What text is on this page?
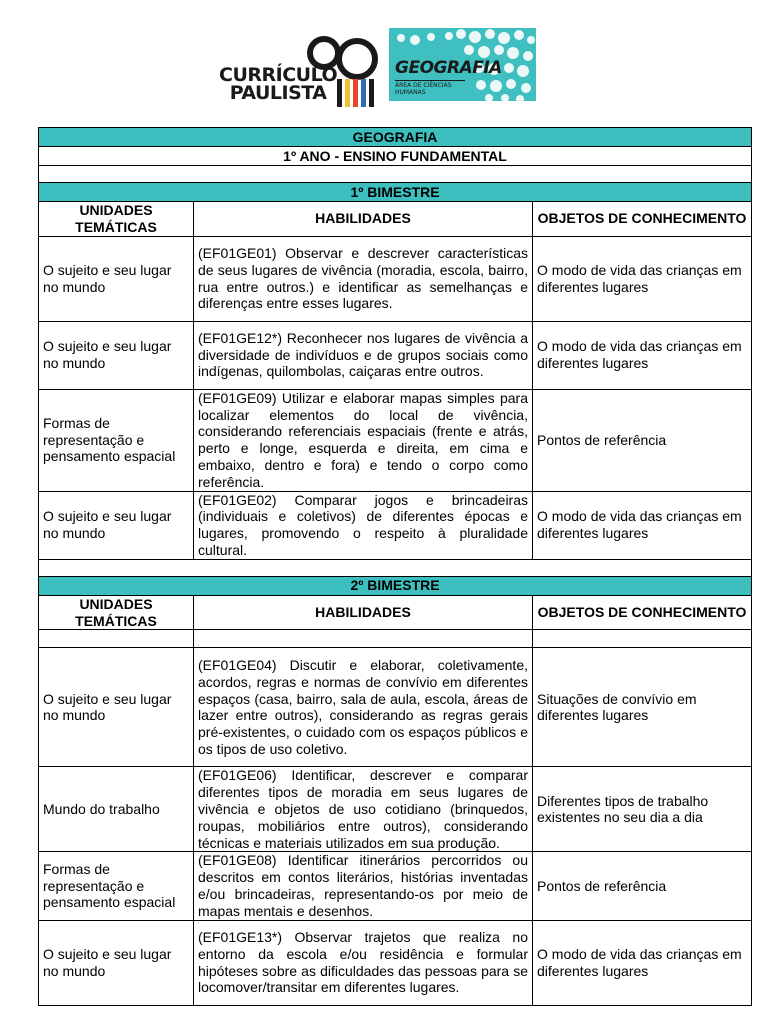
CURRÍCULO
PAULISTA
GEOGRAFIA
ÁREA DE CIÊNCIAS
HUMANAS
GEOGRAFIA		
1º ANO - ENSINO FUNDAMENTAL		

1º BIMESTRE		
UNIDADES TEMÁTICAS	HABILIDADES	OBJETOS DE CONHECIMENTO
O sujeito e seu lugar no mundo	(EF01GE01) Observar e descrever características de seus lugares de vivência (moradia, escola, bairro, rua entre outros.) e identificar as semelhanças e diferenças entre esses lugares.	O modo de vida das crianças em diferentes lugares
O sujeito e seu lugar no mundo	(EF01GE12*) Reconhecer nos lugares de vivência a diversidade de indivíduos e de grupos sociais como indígenas, quilombolas, caiçaras entre outros.	O modo de vida das crianças em diferentes lugares
Formas de representação e pensamento espacial	(EF01GE09) Utilizar e elaborar mapas simples para localizar elementos do local de vivência, considerando referenciais espaciais (frente e atrás, perto e longe, esquerda e direita, em cima e embaixo, dentro e fora) e tendo o corpo como referência.	Pontos de referência
O sujeito e seu lugar no mundo	(EF01GE02) Comparar jogos e brincadeiras (individuais e coletivos) de diferentes épocas e lugares, promovendo o respeito à pluralidade cultural.	O modo de vida das crianças em diferentes lugares

2º BIMESTRE		
UNIDADES TEMÁTICAS	HABILIDADES	OBJETOS DE CONHECIMENTO

O sujeito e seu lugar no mundo	(EF01GE04) Discutir e elaborar, coletivamente, acordos, regras e normas de convívio em diferentes espaços (casa, bairro, sala de aula, escola, áreas de lazer entre outros), considerando as regras gerais pré-existentes, o cuidado com os espaços públicos e os tipos de uso coletivo.	Situações de convívio em diferentes lugares
Mundo do trabalho	(EF01GE06) Identificar, descrever e comparar diferentes tipos de moradia em seus lugares de vivência e objetos de uso cotidiano (brinquedos, roupas, mobiliários entre outros), considerando técnicas e materiais utilizados em sua produção.	Diferentes tipos de trabalho existentes no seu dia a dia
Formas de representação e pensamento espacial	(EF01GE08) Identificar itinerários percorridos ou descritos em contos literários, histórias inventadas e/ou brincadeiras, representando-os por meio de mapas mentais e desenhos.	Pontos de referência
O sujeito e seu lugar no mundo	(EF01GE13*) Observar trajetos que realiza no entorno da escola e/ou residência e formular hipóteses sobre as dificuldades das pessoas para se locomover/transitar em diferentes lugares.	O modo de vida das crianças em diferentes lugares
